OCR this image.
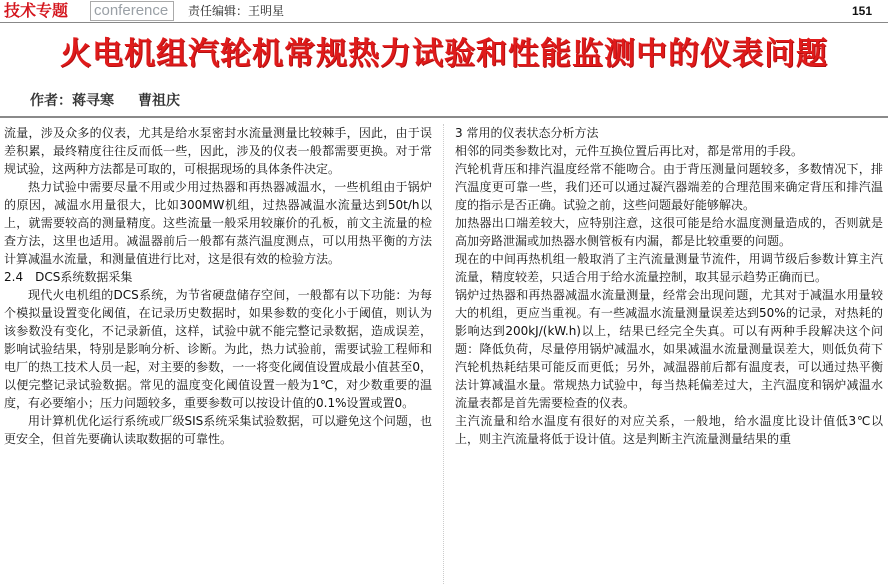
技术专题 conference 责任编辑：王明星	151
火电机组汽轮机常规热力试验和性能监测中的仪表问题
作者：蒋寻寒 曹祖庆

流量，涉及众多的仪表，尤其是给水泵密封水流量测量比较棘手，因此，由于误差积累，最终精度往往反而低一些，因此，涉及的仪表一般都需要更换。对于常规试验，这两种方法都是可取的，可根据现场的具体条件决定。

热力试验中需要尽量不用或少用过热器和再热器减温水，一些机组由于锅炉的原因，减温水用量很大，比如300MW机组，过热器减温水流量达到50t/h以上，就需要较高的测量精度。这些流量一般采用较廉价的孔板，前文主流量的检查方法，这里也适用。减温器前后一般都有蒸汽温度测点，可以用热平衡的方法计算减温水流量，和测量值进行比对，这是很有效的检验方法。

2.4　DCS系统数据采集

现代火电机组的DCS系统，为节省硬盘储存空间，一般都有以下功能：为每个模拟量设置变化阈值，在记录历史数据时，如果参数的变化小于阈值，则认为该参数没有变化，不记录新值，这样，试验中就不能完整记录数据，造成误差，影响试验结果，特别是影响分析、诊断。为此，热力试验前，需要试验工程师和电厂的热工技术人员一起，对主要的参数，一一将变化阈值设置成最小值甚至0，以便完整记录试验数据。常见的温度变化阈值设置一般为1℃，对少数重要的温度，有必要缩小；压力问题较多，重要参数可以按设计值的0.1%设置或置0。

用计算机优化运行系统或厂级SIS系统采集试验数据，可以避免这个问题，也更安全，但首先要确认读取数据的可靠性。

3 常用的仪表状态分析方法

相邻的同类参数比对，元件互换位置后再比对，都是常用的手段。

汽轮机背压和排汽温度经常不能吻合。由于背压测量问题较多，多数情况下，排汽温度更可靠一些，我们还可以通过凝汽器端差的合理范围来确定背压和排汽温度的指示是否正确。试验之前，这些问题最好能够解决。

加热器出口端差较大，应特别注意，这很可能是给水温度测量造成的，否则就是高加旁路泄漏或加热器水侧管板有内漏，都是比较重要的问题。

现在的中间再热机组一般取消了主汽流量测量节流件，用调节级后参数计算主汽流量，精度较差，只适合用于给水流量控制，取其显示趋势正确而已。

锅炉过热器和再热器减温水流量测量，经常会出现问题，尤其对于减温水用量较大的机组，更应当重视。有一些减温水流量测量误差达到50%的记录，对热耗的影响达到200kJ/(kW.h)以上，结果已经完全失真。可以有两种手段解决这个问题：降低负荷，尽量停用锅炉减温水，如果减温水流量测量误差大，则低负荷下汽轮机热耗结果可能反而更低；另外，减温器前后都有温度表，可以通过热平衡法计算减温水量。常规热力试验中，每当热耗偏差过大，主汽温度和锅炉减温水流量表都是首先需要检查的仪表。

主汽流量和给水温度有很好的对应关系，一般地，给水温度比设计值低3℃以上，则主汽流量将低于设计值。这是判断主汽流量测量结果的重
